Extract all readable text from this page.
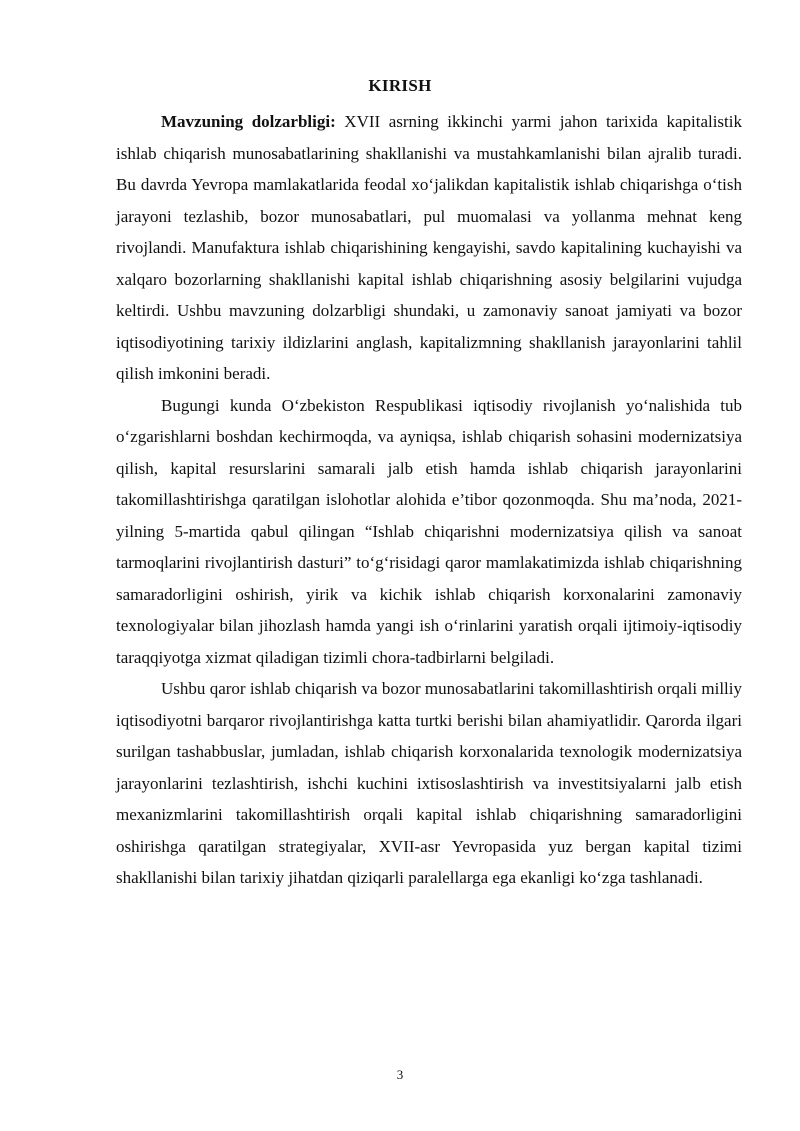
KIRISH

Mavzuning dolzarbligi: XVII asrning ikkinchi yarmi jahon tarixida kapitalistik ishlab chiqarish munosabatlarining shakllanishi va mustahkamlanishi bilan ajralib turadi. Bu davrda Yevropa mamlakatlarida feodal xoʻjalikdan kapitalistik ishlab chiqarishga oʻtish jarayoni tezlashib, bozor munosabatlari, pul muomalasi va yollanma mehnat keng rivojlandi. Manufaktura ishlab chiqarishining kengayishi, savdo kapitalining kuchayishi va xalqaro bozorlarning shakllanishi kapital ishlab chiqarishning asosiy belgilarini vujudga keltirdi. Ushbu mavzuning dolzarbligi shundaki, u zamonaviy sanoat jamiyati va bozor iqtisodiyotining tarixiy ildizlarini anglash, kapitalizmning shakllanish jarayonlarini tahlil qilish imkonini beradi.

Bugungi kunda Oʻzbekiston Respublikasi iqtisodiy rivojlanish yoʻnalishida tub oʻzgarishlarni boshdan kechirmoqda, va ayniqsa, ishlab chiqarish sohasini modernizatsiya qilish, kapital resurslarini samarali jalb etish hamda ishlab chiqarish jarayonlarini takomillashtirishga qaratilgan islohotlar alohida e’tibor qozonmoqda. Shu ma’noda, 2021-yilning 5-martida qabul qilingan “Ishlab chiqarishni modernizatsiya qilish va sanoat tarmoqlarini rivojlantirish dasturi” toʻgʻrisidagi qaror mamlakatimizda ishlab chiqarishning samaradorligini oshirish, yirik va kichik ishlab chiqarish korxonalarini zamonaviy texnologiyalar bilan jihozlash hamda yangi ish oʻrinlarini yaratish orqali ijtimoiy-iqtisodiy taraqqiyotga xizmat qiladigan tizimli chora-tadbirlarni belgiladi.

Ushbu qaror ishlab chiqarish va bozor munosabatlarini takomillashtirish orqali milliy iqtisodiyotni barqaror rivojlantirishga katta turtki berishi bilan ahamiyatlidir. Qarorda ilgari surilgan tashabbuslar, jumladan, ishlab chiqarish korxonalarida texnologik modernizatsiya jarayonlarini tezlashtirish, ishchi kuchini ixtisoslashtirish va investitsiyalarni jalb etish mexanizmlarini takomillashtirish orqali kapital ishlab chiqarishning samaradorligini oshirishga qaratilgan strategiyalar, XVII-asr Yevropasida yuz bergan kapital tizimi shakllanishi bilan tarixiy jihatdan qiziqarli paralellarga ega ekanligi koʻzga tashlanadi.

3
